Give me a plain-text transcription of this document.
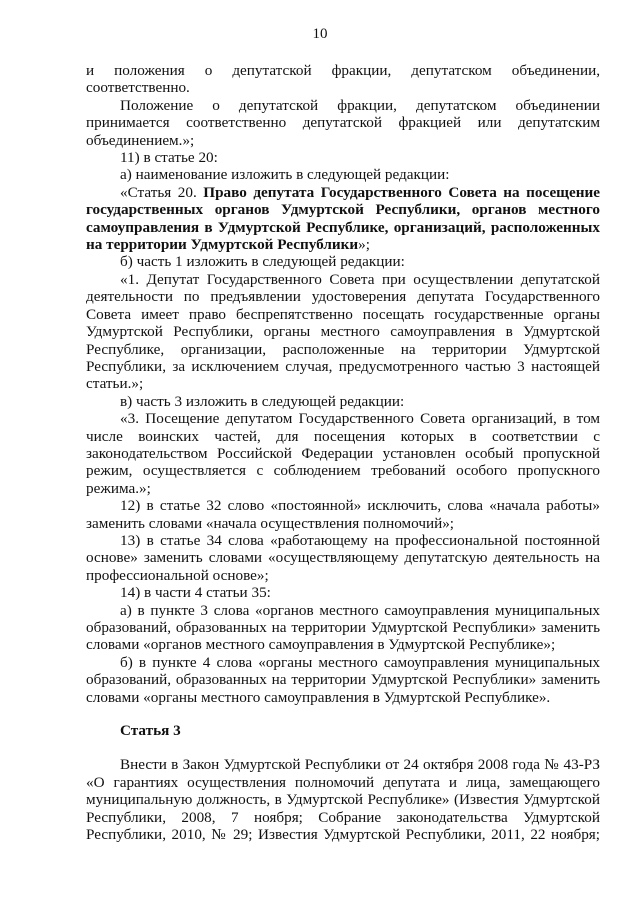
10

и положения о депутатской фракции, депутатском объединении, соответственно.

Положение о депутатской фракции, депутатском объединении принимается соответственно депутатской фракцией или депутатским объединением.»;

11) в статье 20:

а) наименование изложить в следующей редакции:

«Статья 20. Право депутата Государственного Совета на посещение государственных органов Удмуртской Республики, органов местного самоуправления в Удмуртской Республике, организаций, расположенных на территории Удмуртской Республики»;

б) часть 1 изложить в следующей редакции:

«1. Депутат Государственного Совета при осуществлении депутатской деятельности по предъявлении удостоверения депутата Государственного Совета имеет право беспрепятственно посещать государственные органы Удмуртской Республики, органы местного самоуправления в Удмуртской Республике, организации, расположенные на территории Удмуртской Республики, за исключением случая, предусмотренного частью 3 настоящей статьи.»;

в) часть 3 изложить в следующей редакции:

«3. Посещение депутатом Государственного Совета организаций, в том числе воинских частей, для посещения которых в соответствии с законодательством Российской Федерации установлен особый пропускной режим, осуществляется с соблюдением требований особого пропускного режима.»;

12) в статье 32 слово «постоянной» исключить, слова «начала работы» заменить словами «начала осуществления полномочий»;

13) в статье 34 слова «работающему на профессиональной постоянной основе» заменить словами «осуществляющему депутатскую деятельность на профессиональной основе»;

14) в части 4 статьи 35:

а) в пункте 3 слова «органов местного самоуправления муниципальных образований, образованных на территории Удмуртской Республики» заменить словами «органов местного самоуправления в Удмуртской Республике»;

б) в пункте 4 слова «органы местного самоуправления муниципальных образований, образованных на территории Удмуртской Республики» заменить словами «органы местного самоуправления в Удмуртской Республике».

Статья 3

Внести в Закон Удмуртской Республики от 24 октября 2008 года № 43-РЗ «О гарантиях осуществления полномочий депутата и лица, замещающего муниципальную должность, в Удмуртской Республике» (Известия Удмуртской Республики, 2008, 7 ноября; Собрание законодательства Удмуртской Республики, 2010, № 29; Известия Удмуртской Республики, 2011, 22 ноября;
